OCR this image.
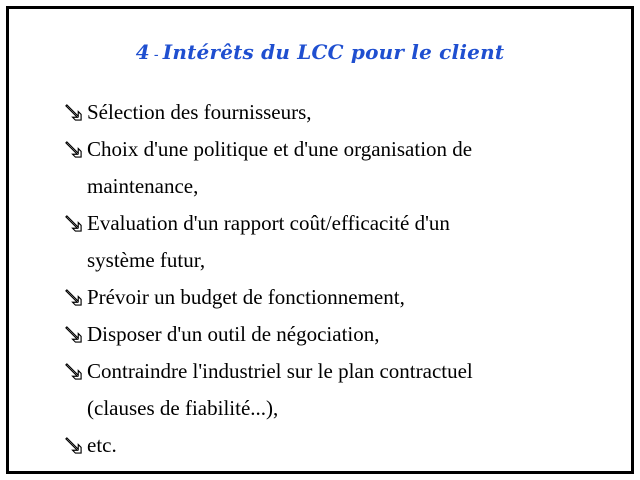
4 - Intérêts du LCC pour le client
Sélection des fournisseurs,
Choix d'une politique et d'une organisation de
maintenance,
Evaluation d'un rapport coût/efficacité d'un
système futur,
Prévoir un budget de fonctionnement,
Disposer d'un outil de négociation,
Contraindre l'industriel sur le plan contractuel
(clauses de fiabilité...),
etc.
